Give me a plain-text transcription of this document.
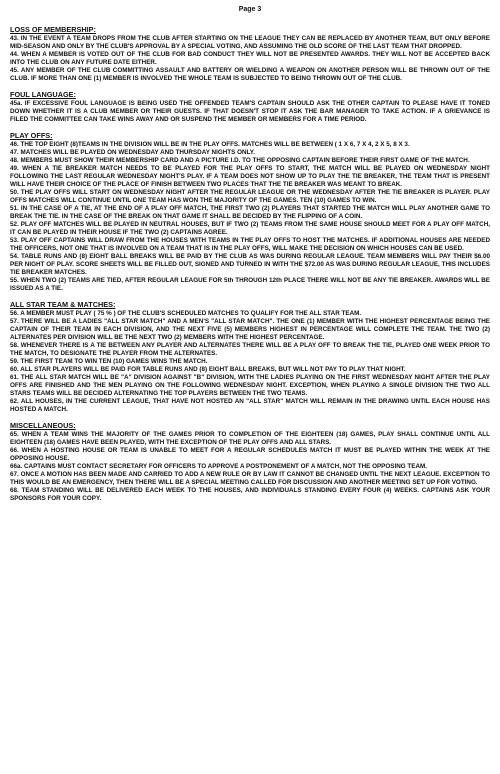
Page 3
LOSS OF MEMBERSHIP:

43. IN THE EVENT A TEAM DROPS FROM THE CLUB AFTER STARTING ON THE LEAGUE THEY CAN BE REPLACED BY ANOTHER TEAM, BUT ONLY BEFORE MID-SEASON AND ONLY BY THE CLUB'S APPROVAL BY A SPECIAL VOTING, AND ASSUMING THE OLD SCORE OF THE LAST TEAM THAT DROPPED.

44. WHEN A MEMBER IS VOTED OUT OF THE CLUB FOR BAD CONDUCT THEY WILL NOT BE PRESENTED AWARDS. THEY WILL NOT BE ACCEPTED BACK INTO THE CLUB ON ANY FUTURE DATE EITHER.

45. ANY MEMBER OF THE CLUB COMMITTING ASSAULT AND BATTERY OR WIELDING A WEAPON ON ANOTHER PERSON WILL BE THROWN OUT OF THE CLUB. IF MORE THAN ONE (1) MEMBER IS INVOLVED THE WHOLE TEAM IS SUBJECTED TO BEING THROWN OUT OF THE CLUB.

FOUL LANGUAGE:

45a. IF EXCESSIVE FOUL LANGUAGE IS BEING USED THE OFFENDED TEAM'S CAPTAIN SHOULD ASK THE OTHER CAPTAIN TO PLEASE HAVE IT TONED DOWN WHETHER IT IS A CLUB MEMBER OR THEIR GUESTS. IF THAT DOESN'T STOP IT ASK THE BAR MANAGER TO TAKE ACTION. IF A GRIEVANCE IS FILED THE COMMITTEE CAN TAKE WINS AWAY AND OR SUSPEND THE MEMBER OR MEMBERS FOR A TIME PERIOD.

PLAY OFFS:

46. THE TOP EIGHT (8)TEAMS IN THE DIVISION WILL BE IN THE PLAY OFFS. MATCHES WILL BE BETWEEN ( 1 X 6, 7 X 4, 2 X 5, 8 X 3.

47. MATCHES WILL BE PLAYED ON WEDNESDAY AND THURSDAY NIGHTS ONLY.

48. MEMBERS MUST SHOW THEIR MEMBERSHIP CARD AND A PICTURE I.D. TO THE OPPOSING CAPTAIN BEFORE THEIR FIRST GAME OF THE MATCH.

49. WHEN A TIE BREAKER MATCH NEEDS TO BE PLAYED FOR THE PLAY OFFS TO START, THE MATCH WILL BE PLAYED ON WEDNESDAY NIGHT FOLLOWING THE LAST REGULAR WEDNESDAY NIGHT'S PLAY. IF A TEAM DOES NOT SHOW UP TO PLAY THE TIE BREAKER, THE TEAM THAT IS PRESENT WILL HAVE THEIR CHOICE OF THE PLACE OF FINISH BETWEEN TWO PLACES THAT THE TIE BREAKER WAS MEANT TO BREAK.

50. THE PLAY OFFS WILL START ON WEDNESDAY NIGHT AFTER THE REGULAR LEAGUE OR THE WEDNESDAY AFTER THE TIE BREAKER IS PLAYER. PLAY OFFS MATCHES WILL CONTINUE UNTIL ONE TEAM HAS WON THE MAJORITY OF THE GAMES. TEN (10) GAMES TO WIN.

51. IN THE CASE OF A TIE, AT THE END OF A PLAY OFF MATCH, THE FIRST TWO (2) PLAYERS THAT STARTED THE MATCH WILL PLAY ANOTHER GAME TO BREAK THE TIE. IN THE CASE OF THE BREAK ON THAT GAME IT SHALL BE DECIDED BY THE FLIPPING OF A COIN.

52. PLAY OFF MATCHES WILL BE PLAYED IN NEUTRAL HOUSES, BUT IF TWO (2) TEAMS FROM THE SAME HOUSE SHOULD MEET FOR A PLAY OFF MATCH, IT CAN BE PLAYED IN THEIR HOUSE IF THE TWO (2) CAPTAINS AGREE.

53. PLAY OFF CAPTAINS WILL DRAW FROM THE HOUSES WITH TEAMS IN THE PLAY OFFS TO HOST THE MATCHES. IF ADDITIONAL HOUSES ARE NEEDED THE OFFICERS, NOT ONE THAT IS INVOLVED ON A TEAM THAT IS IN THE PLAY OFFS, WILL MAKE THE DECISION ON WHICH HOUSES CAN BE USED.

54. TABLE RUNS AND (8) EIGHT BALL BREAKS WILL BE PAID BY THE CLUB AS WAS DURING REGULAR LEAGUE. TEAM MEMBERS WILL PAY THEIR $6.00 PER NIGHT OF PLAY. SCORE SHEETS WILL BE FILLED OUT, SIGNED AND TURNED IN WITH THE $72.00 AS WAS DURING REGULAR LEAGUE, THIS INCLUDES TIE BREAKER MATCHES.

55. WHEN TWO (2) TEAMS ARE TIED, AFTER REGULAR LEAGUE FOR 5th THROUGH 12th PLACE THERE WILL NOT BE ANY TIE BREAKER. AWARDS WILL BE ISSUED AS A TIE.

ALL STAR TEAM & MATCHES:

56. A MEMBER MUST PLAY ( 75 % ) OF THE CLUB'S SCHEDULED MATCHES TO QUALIFY FOR THE ALL STAR TEAM.

57. THERE WILL BE A LADIES "ALL STAR MATCH" AND A MEN'S "ALL STAR MATCH". THE ONE (1) MEMBER WITH THE HIGHEST PERCENTAGE BEING THE CAPTAIN OF THEIR TEAM IN EACH DIVISION, AND THE NEXT FIVE (5) MEMBERS HIGHEST IN PERCENTAGE WILL COMPLETE THE TEAM. THE TWO (2) ALTERNATES PER DIVISION WILL BE THE NEXT TWO (2) MEMBERS WITH THE HIGHEST PERCENTAGE.

58. WHENEVER THERE IS A TIE BETWEEN ANY PLAYER AND ALTERNATES THERE WILL BE A PLAY OFF TO BREAK THE TIE, PLAYED ONE WEEK PRIOR TO THE MATCH, TO DESIGNATE THE PLAYER FROM THE ALTERNATES.

59. THE FIRST TEAM TO WIN TEN (10) GAMES WINS THE MATCH.

60. ALL STAR PLAYERS WILL BE PAID FOR TABLE RUNS AND (8) EIGHT BALL BREAKS, BUT WILL NOT PAY TO PLAY THAT NIGHT.

61. THE ALL STAR MATCH WILL BE "A" DIVISION AGAINST "B" DIVISION, WITH THE LADIES PLAYING ON THE FIRST WEDNESDAY NIGHT AFTER THE PLAY OFFS ARE FINISHED AND THE MEN PLAYING ON THE FOLLOWING WEDNESDAY NIGHT. EXCEPTION, WHEN PLAYING A SINGLE DIVISION THE TWO ALL STARS TEAMS WILL BE DECIDED ALTERNATING THE TOP PLAYERS BETWEEN THE TWO TEAMS.

62. ALL HOUSES, IN THE CURRENT LEAGUE, THAT HAVE NOT HOSTED AN "ALL STAR" MATCH WILL REMAIN IN THE DRAWING UNTIL EACH HOUSE HAS HOSTED A MATCH.

MISCELLANEOUS:

65. WHEN A TEAM WINS THE MAJORITY OF THE GAMES PRIOR TO COMPLETION OF THE EIGHTEEN (18) GAMES, PLAY SHALL CONTINUE UNTIL ALL EIGHTEEN (18) GAMES HAVE BEEN PLAYED, WITH THE EXCEPTION OF THE PLAY OFFS AND ALL STARS.

66. WHEN A HOSTING HOUSE OR TEAM IS UNABLE TO MEET FOR A REGULAR SCHEDULES MATCH IT MUST BE PLAYED WITHIN THE WEEK AT THE OPPOSING HOUSE.

66a. CAPTAINS MUST CONTACT SECRETARY FOR OFFICERS TO APPROVE A POSTPONEMENT OF A MATCH, NOT THE OPPOSING TEAM.

67. ONCE A MOTION HAS BEEN MADE AND CARRIED TO ADD A NEW RULE OR BY LAW IT CANNOT BE CHANGED UNTIL THE NEXT LEAGUE. EXCEPTION TO THIS WOULD BE AN EMERGENCY, THEN THERE WILL BE A SPECIAL MEETING CALLED FOR DISCUSSION AND ANOTHER MEETING SET UP FOR VOTING.

68. TEAM STANDING WILL BE DELIVERED EACH WEEK TO THE HOUSES, AND INDIVIDUALS STANDING EVERY FOUR (4) WEEKS. CAPTAINS ASK YOUR SPONSORS FOR YOUR COPY.
